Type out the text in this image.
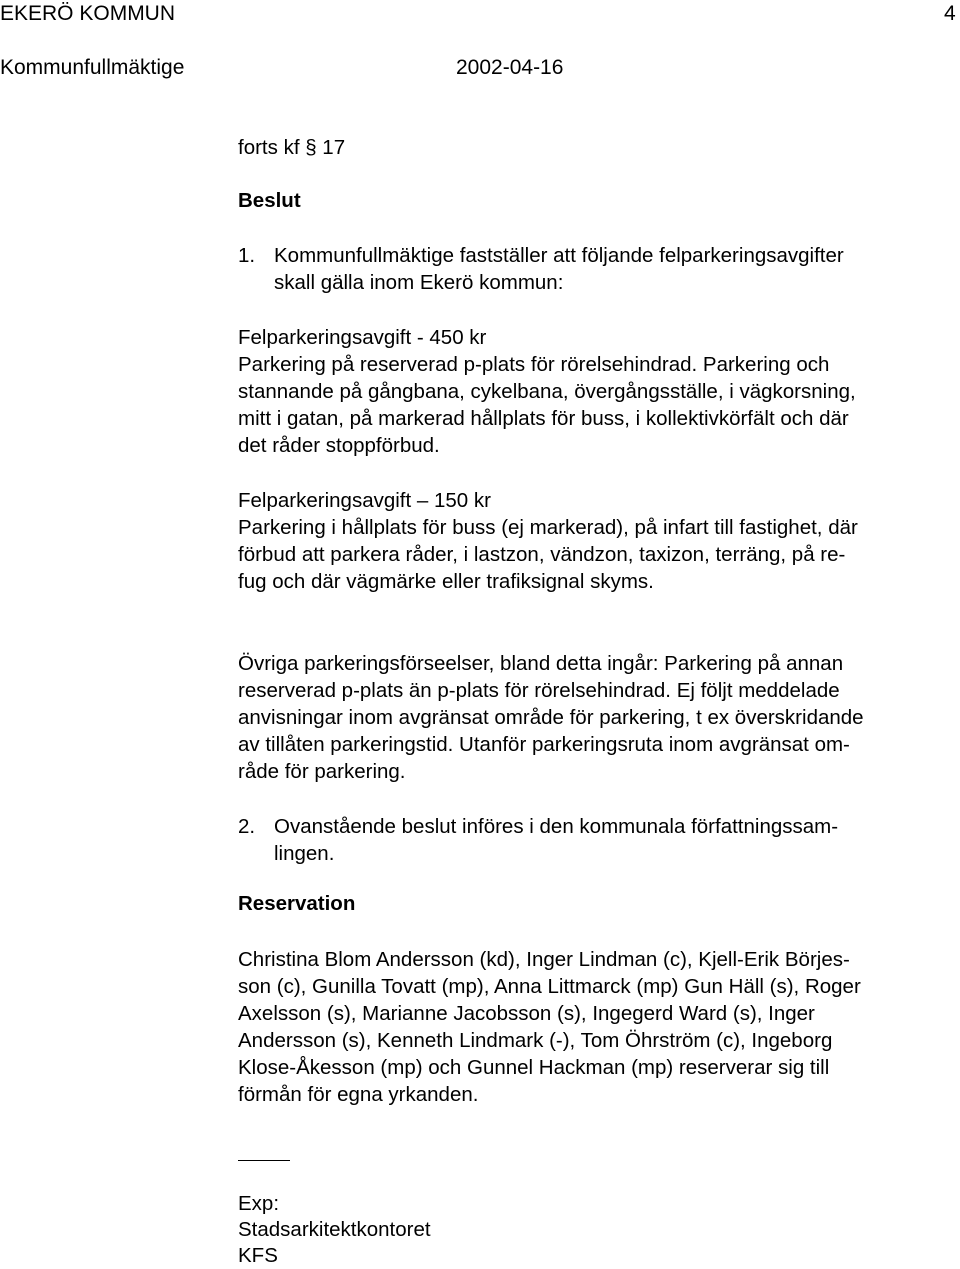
EKERÖ KOMMUN	4
Kommunfullmäktige	2002-04-16
forts kf § 17
Beslut
1. Kommunfullmäktige fastställer att följande felparkeringsavgifter
skall gälla inom Ekerö kommun:
Felparkeringsavgift - 450 kr
Parkering på reserverad p-plats för rörelsehindrad. Parkering och
stannande på gångbana, cykelbana, övergångsställe, i vägkorsning,
mitt i gatan, på markerad hållplats för buss, i kollektivkörfält och där
det råder stoppförbud.
Felparkeringsavgift – 150 kr
Parkering i hållplats för buss (ej markerad), på infart till fastighet, där
förbud att parkera råder, i lastzon, vändzon, taxizon, terräng, på re-
fug och där vägmärke eller trafiksignal skyms.
Övriga parkeringsförseelser, bland detta ingår: Parkering på annan
reserverad p-plats än p-plats för rörelsehindrad. Ej följt meddelade
anvisningar inom avgränsat område för parkering, t ex överskridande
av tillåten parkeringstid. Utanför parkeringsruta inom avgränsat om-
råde för parkering.
2. Ovanstående beslut införes i den kommunala författningssam-
lingen.
Reservation
Christina Blom Andersson (kd), Inger Lindman (c), Kjell-Erik Börjes-
son (c), Gunilla Tovatt (mp), Anna Littmarck (mp) Gun Häll (s), Roger
Axelsson (s), Marianne Jacobsson (s), Ingegerd Ward (s), Inger
Andersson (s), Kenneth Lindmark (-), Tom Öhrström (c), Ingeborg
Klose-Åkesson (mp) och Gunnel Hackman (mp) reserverar sig till
förmån för egna yrkanden.
Exp:
Stadsarkitektkontoret
KFS
